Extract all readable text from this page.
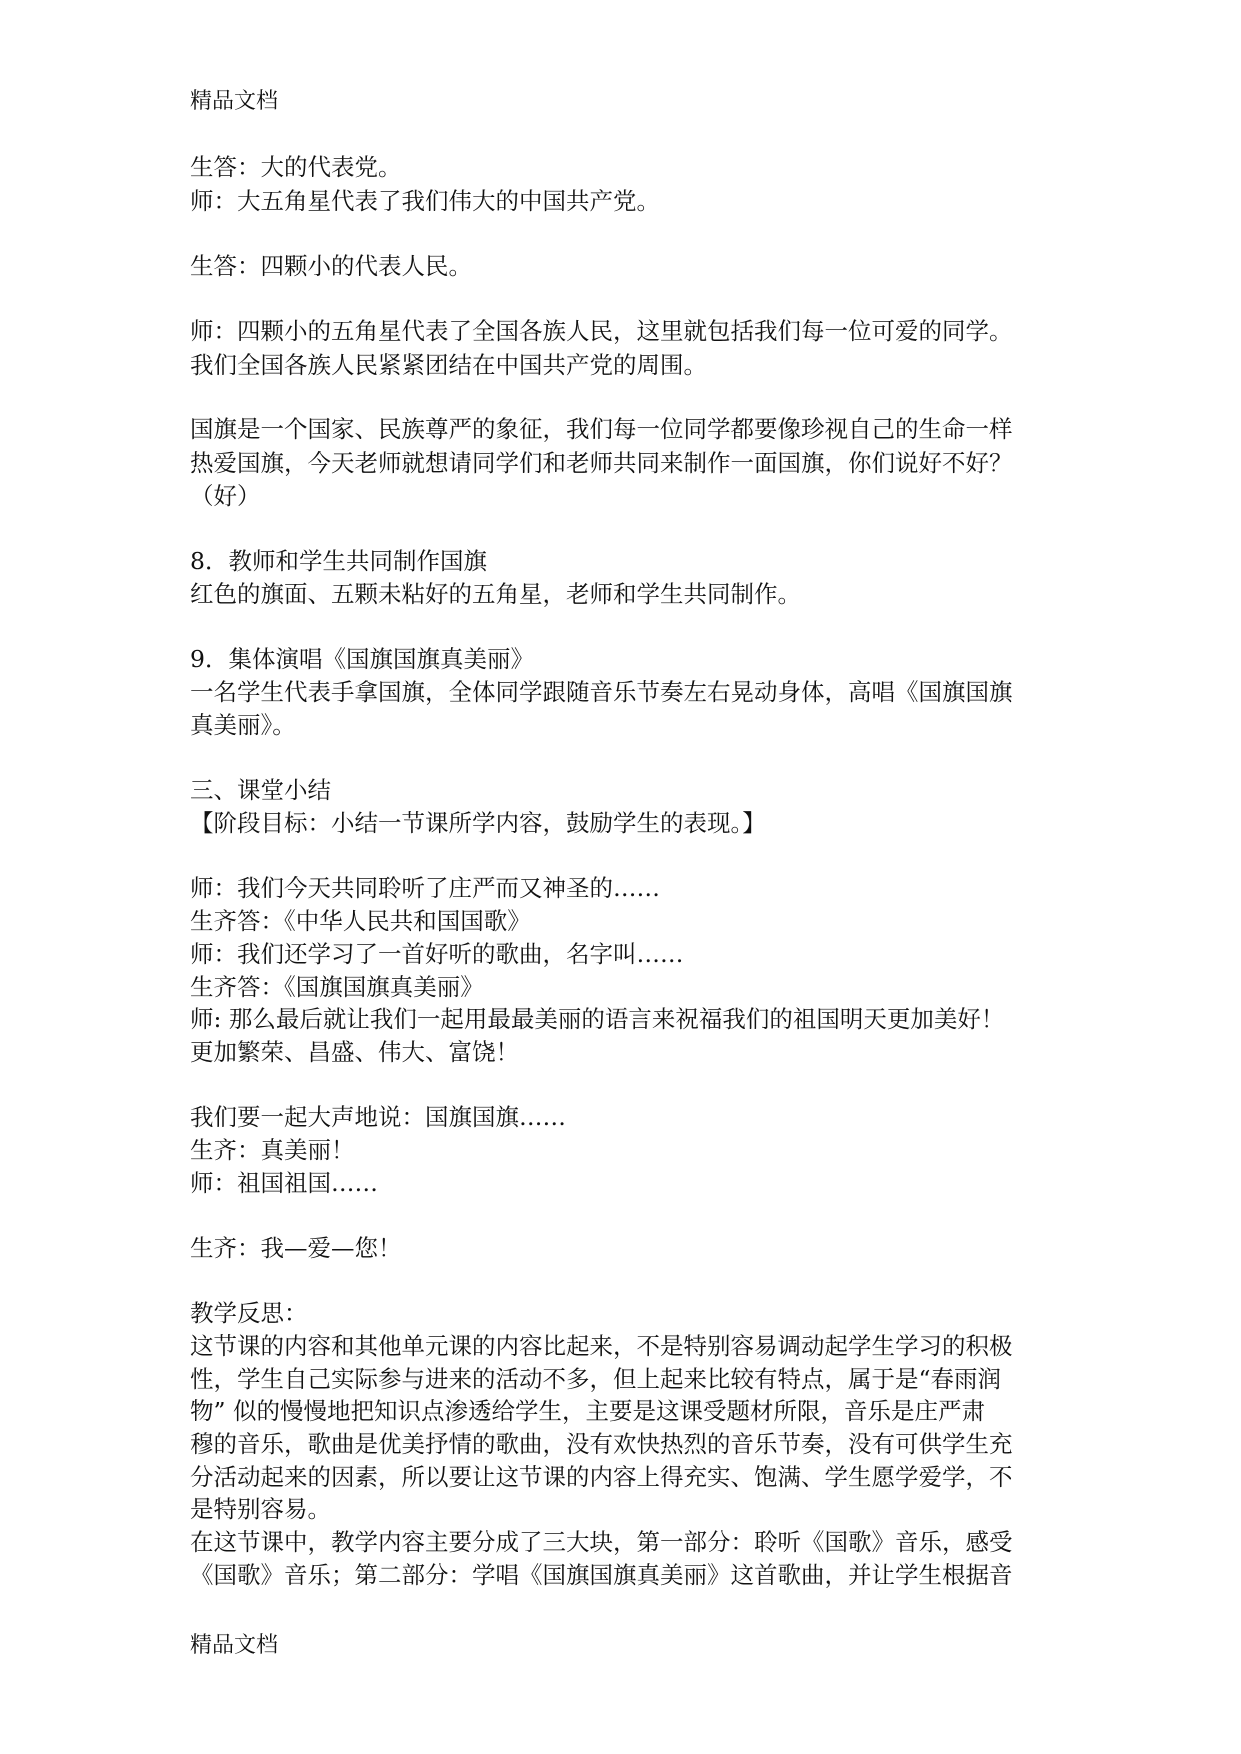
精品文档
生答：大的代表党。
师：大五角星代表了我们伟大的中国共产党。
生答：四颗小的代表人民。
师：四颗小的五角星代表了全国各族人民，这里就包括我们每一位可爱的同学。
我们全国各族人民紧紧团结在中国共产党的周围。
国旗是一个国家、民族尊严的象征，我们每一位同学都要像珍视自己的生命一样
热爱国旗，今天老师就想请同学们和老师共同来制作一面国旗，你们说好不好？
（好）
8．教师和学生共同制作国旗
红色的旗面、五颗未粘好的五角星，老师和学生共同制作。
9．集体演唱《国旗国旗真美丽》
一名学生代表手拿国旗，全体同学跟随音乐节奏左右晃动身体，高唱《国旗国旗
真美丽》。
三、课堂小结
【阶段目标：小结一节课所学内容，鼓励学生的表现。】
师：我们今天共同聆听了庄严而又神圣的……
生齐答：《中华人民共和国国歌》
师：我们还学习了一首好听的歌曲，名字叫……
生齐答：《国旗国旗真美丽》
师: 那么最后就让我们一起用最最美丽的语言来祝福我们的祖国明天更加美好！
更加繁荣、昌盛、伟大、富饶！
我们要一起大声地说：国旗国旗……
生齐：真美丽！
师：祖国祖国……
生齐：我—爱—您！
教学反思：
这节课的内容和其他单元课的内容比起来，不是特别容易调动起学生学习的积极
性，学生自己实际参与进来的活动不多，但上起来比较有特点，属于是“春雨润
物” 似的慢慢地把知识点渗透给学生，主要是这课受题材所限，音乐是庄严肃
穆的音乐，歌曲是优美抒情的歌曲，没有欢快热烈的音乐节奏，没有可供学生充
分活动起来的因素，所以要让这节课的内容上得充实、饱满、学生愿学爱学，不
是特别容易。
在这节课中，教学内容主要分成了三大块，第一部分：聆听《国歌》音乐，感受
《国歌》音乐；第二部分：学唱《国旗国旗真美丽》这首歌曲，并让学生根据音
精品文档
